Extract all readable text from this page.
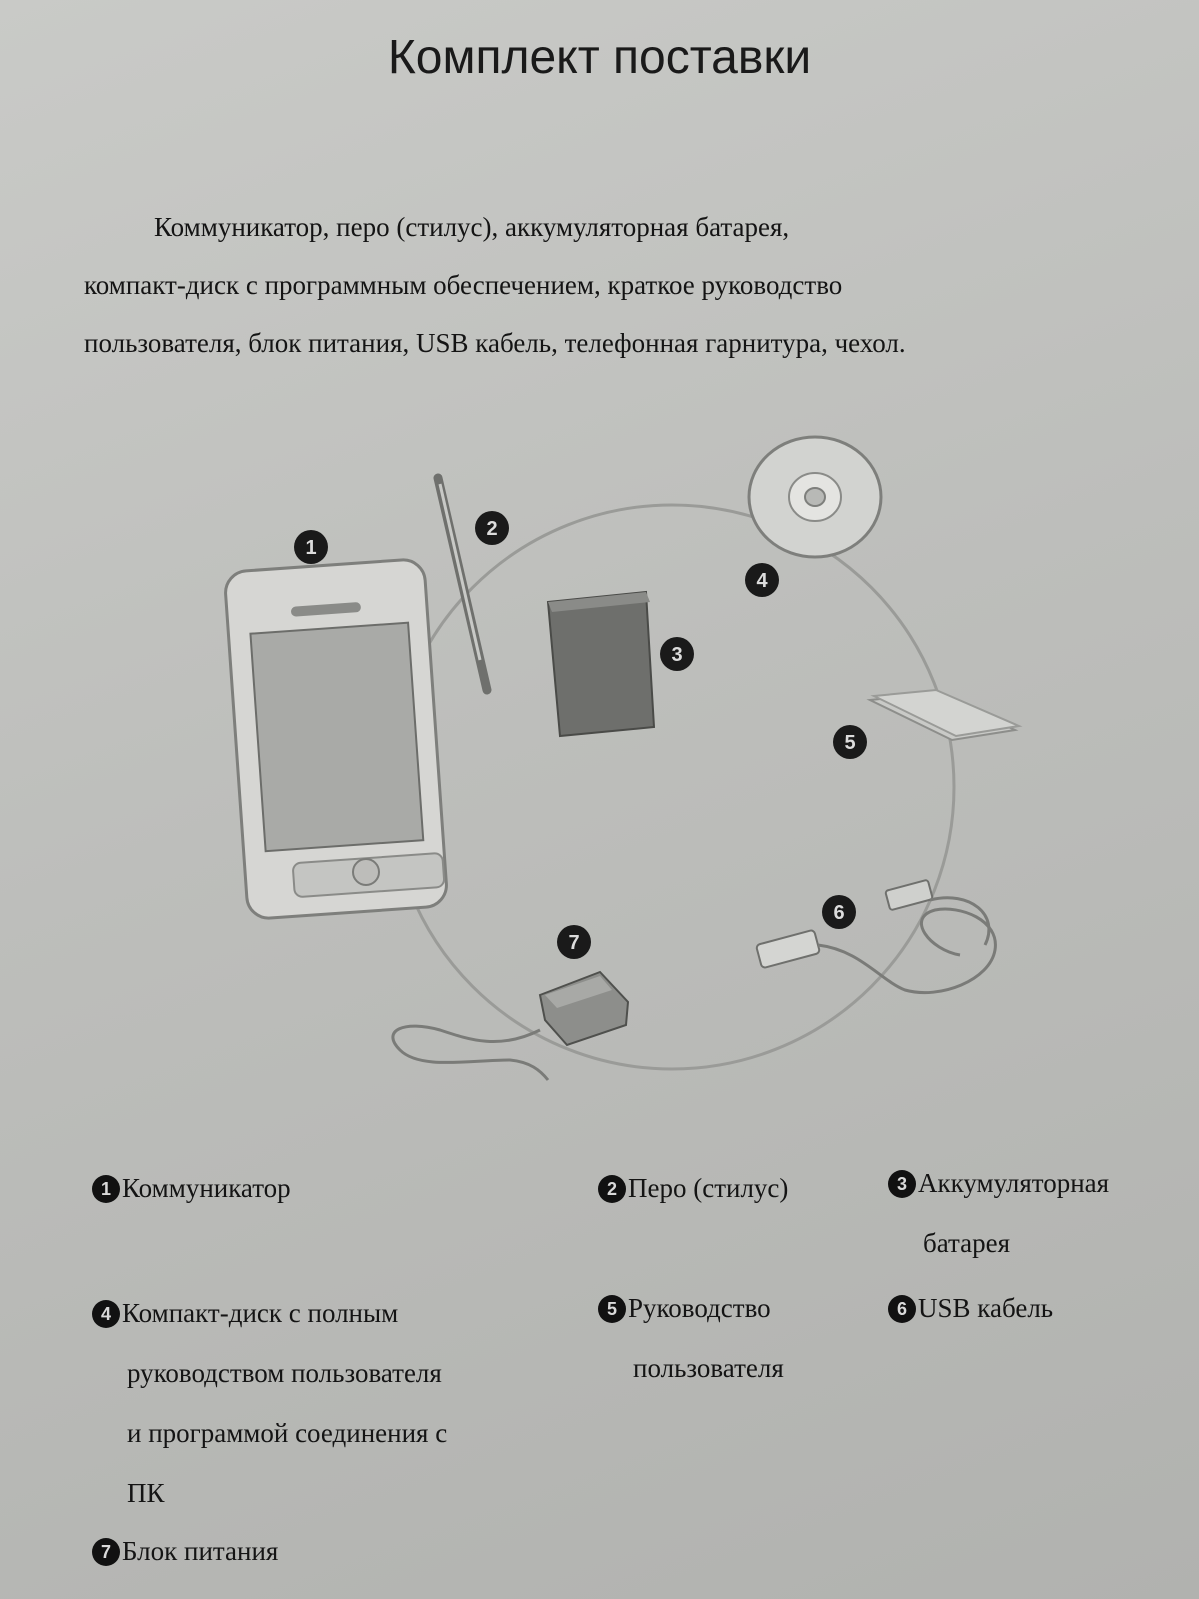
Комплект поставки
Коммуникатор, перо (стилус), аккумуляторная батарея,
компакт-диск с программным обеспечением, краткое руководство
пользователя, блок питания, USB кабель, телефонная гарнитура, чехол.
1
2
3
4
5
6
7
1 Коммуникатор	2 Перо (стилус)	3 Аккумуляторная
батарея
4 Компакт-диск с полным
руководством пользователя
и программой соединения с
ПК
5 Руководство
пользователя
6 USB кабель
7 Блок питания
